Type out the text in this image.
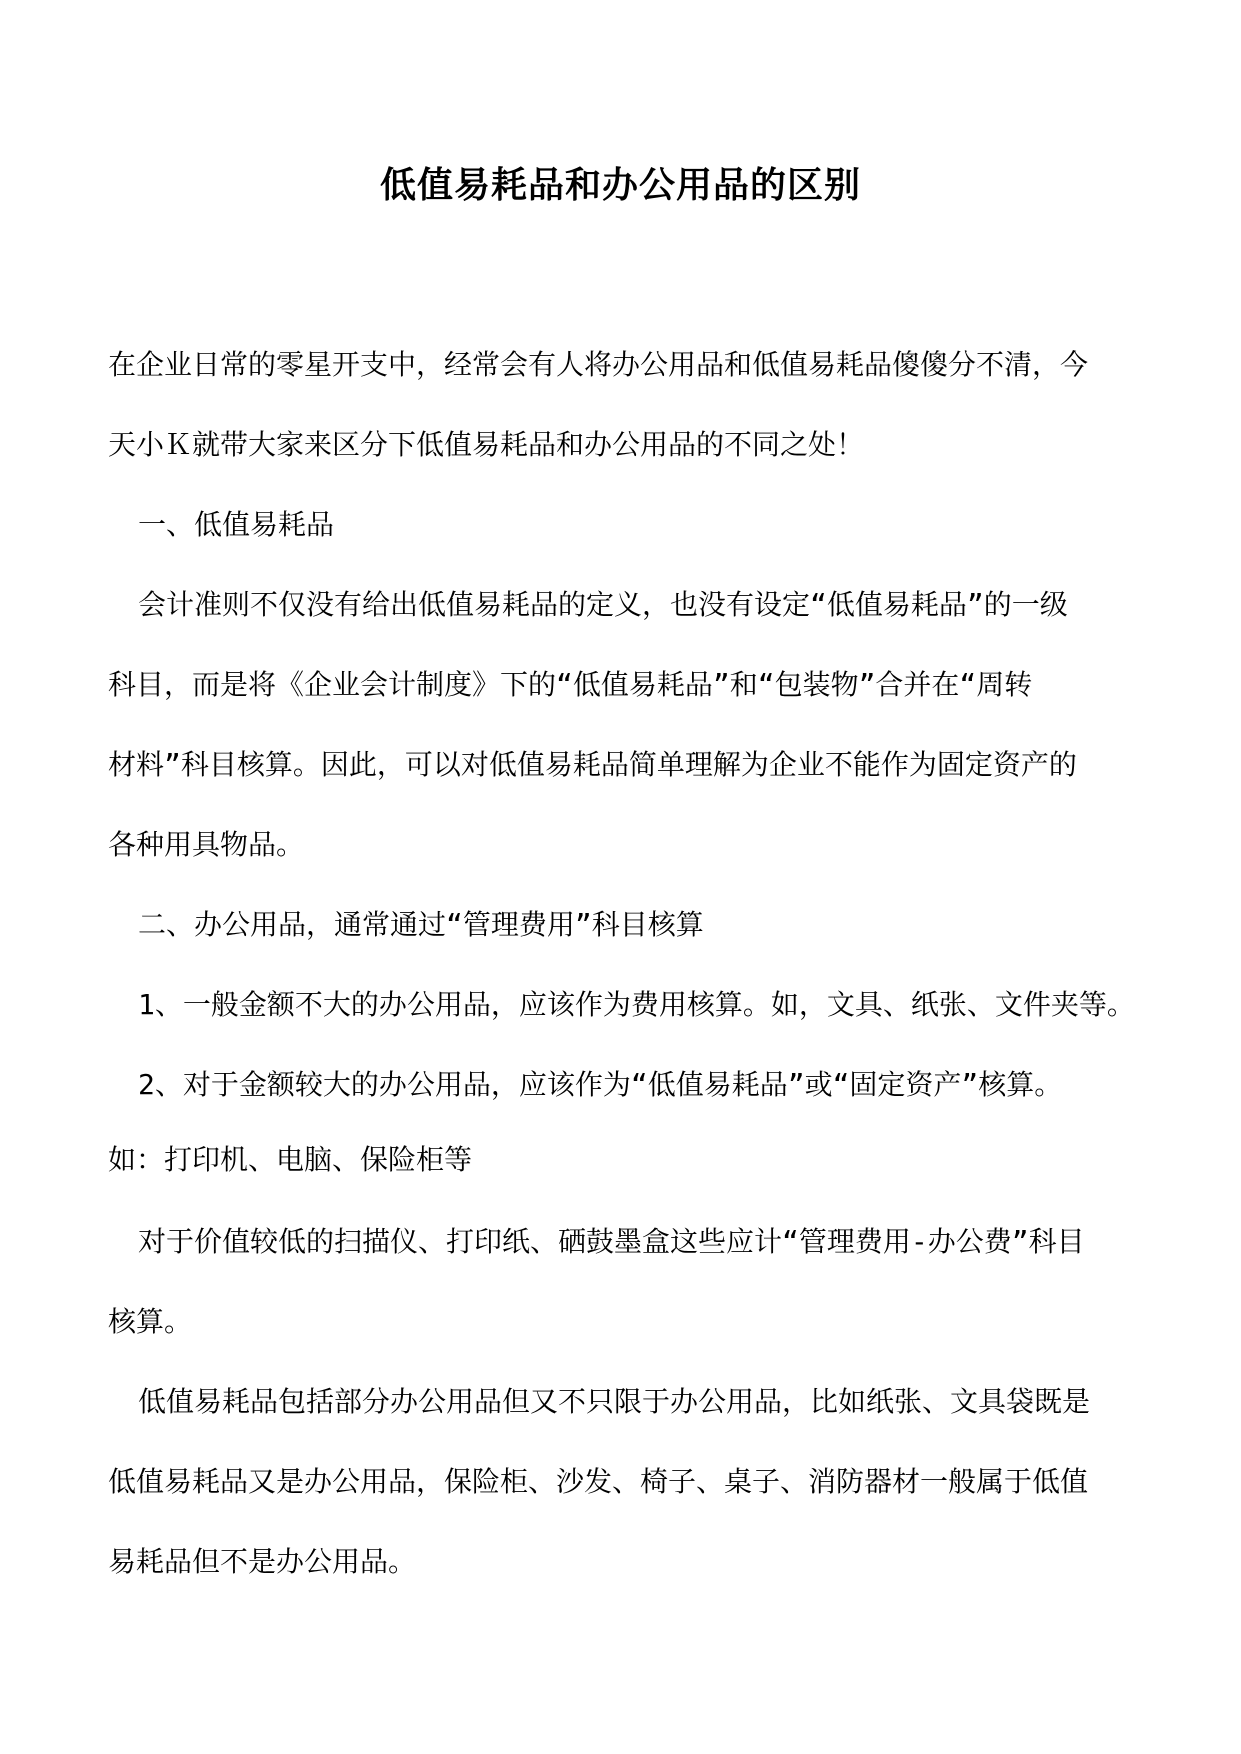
低值易耗品和办公用品的区别

在企业日常的零星开支中，经常会有人将办公用品和低值易耗品傻傻分不清，今

天小Ｋ就带大家来区分下低值易耗品和办公用品的不同之处！

一、低值易耗品

会计准则不仅没有给出低值易耗品的定义，也没有设定“低值易耗品”的一级

科目，而是将《企业会计制度》下的“低值易耗品”和“包装物”合并在“周转

材料”科目核算。因此，可以对低值易耗品简单理解为企业不能作为固定资产的

各种用具物品。

二、办公用品，通常通过“管理费用”科目核算

1、一般金额不大的办公用品，应该作为费用核算。如，文具、纸张、文件夹等。

2、对于金额较大的办公用品，应该作为“低值易耗品”或“固定资产”核算。

如：打印机、电脑、保险柜等

对于价值较低的扫描仪、打印纸、硒鼓墨盒这些应计“管理费用-办公费”科目

核算。

低值易耗品包括部分办公用品但又不只限于办公用品，比如纸张、文具袋既是

低值易耗品又是办公用品，保险柜、沙发、椅子、桌子、消防器材一般属于低值

易耗品但不是办公用品。
